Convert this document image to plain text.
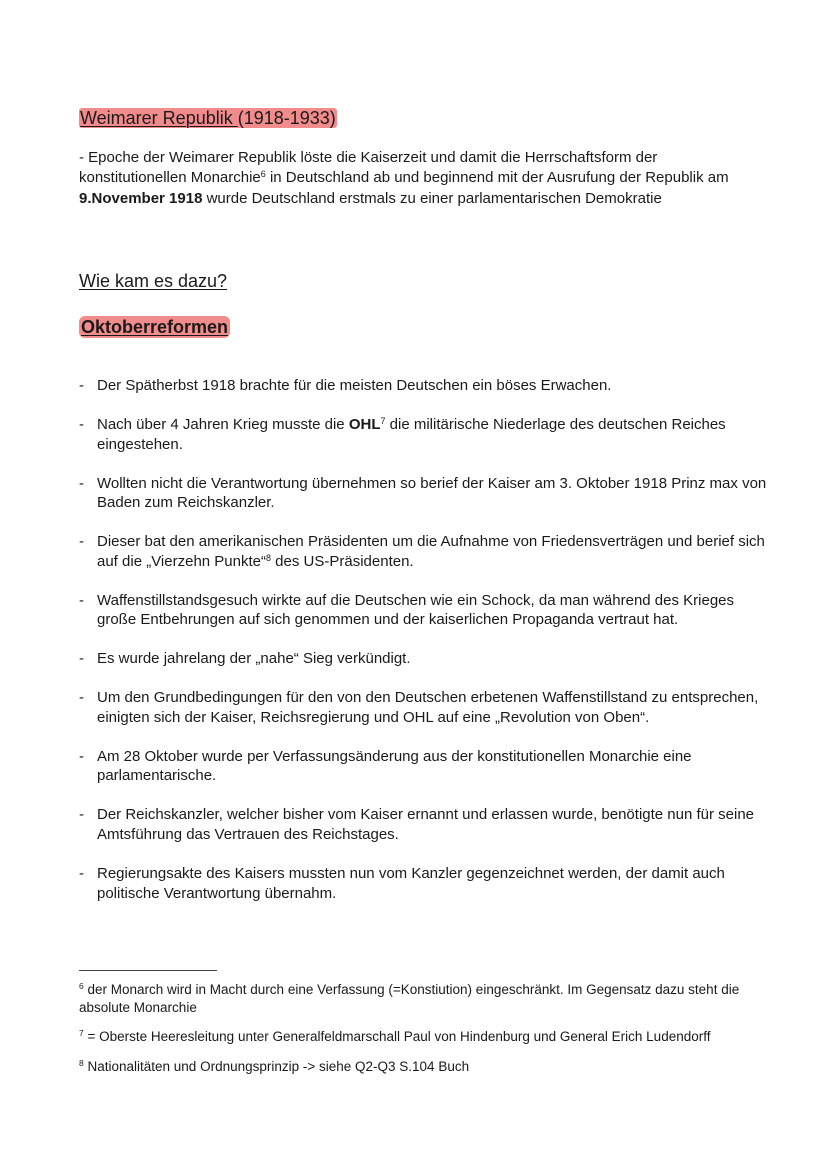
Weimarer Republik (1918-1933)
- Epoche der Weimarer Republik löste die Kaiserzeit und damit die Herrschaftsform der konstitutionellen Monarchie$^6$ in Deutschland ab und beginnend mit der Ausrufung der Republik am 9.November 1918 wurde Deutschland erstmals zu einer parlamentarischen Demokratie
Wie kam es dazu?
Oktoberreformen
- Der Spätherbst 1918 brachte für die meisten Deutschen ein böses Erwachen.
- Nach über 4 Jahren Krieg musste die OHL$^7$ die militärische Niederlage des deutschen Reiches eingestehen.
- Wollten nicht die Verantwortung übernehmen so berief der Kaiser am 3. Oktober 1918 Prinz max von Baden zum Reichskanzler.
- Dieser bat den amerikanischen Präsidenten um die Aufnahme von Friedensverträgen und berief sich auf die „Vierzehn Punkte“$^8$ des US-Präsidenten.
- Waffenstillstandsgesuch wirkte auf die Deutschen wie ein Schock, da man während des Krieges große Entbehrungen auf sich genommen und der kaiserlichen Propaganda vertraut hat.
- Es wurde jahrelang der „nahe“ Sieg verkündigt.
- Um den Grundbedingungen für den von den Deutschen erbetenen Waffenstillstand zu entsprechen, einigten sich der Kaiser, Reichsregierung und OHL auf eine „Revolution von Oben“.
- Am 28 Oktober wurde per Verfassungsänderung aus der konstitutionellen Monarchie eine parlamentarische.
- Der Reichskanzler, welcher bisher vom Kaiser ernannt und erlassen wurde, benötigte nun für seine Amtsführung das Vertrauen des Reichstages.
- Regierungsakte des Kaisers mussten nun vom Kanzler gegenzeichnet werden, der damit auch politische Verantwortung übernahm.
$^6$ der Monarch wird in Macht durch eine Verfassung (=Konstiution) eingeschränkt. Im Gegensatz dazu steht die absolute Monarchie
$^7$ = Oberste Heeresleitung unter Generalfeldmarschall Paul von Hindenburg und General Erich Ludendorff
$^8$ Nationalitäten und Ordnungsprinzip -> siehe Q2-Q3 S.104 Buch
